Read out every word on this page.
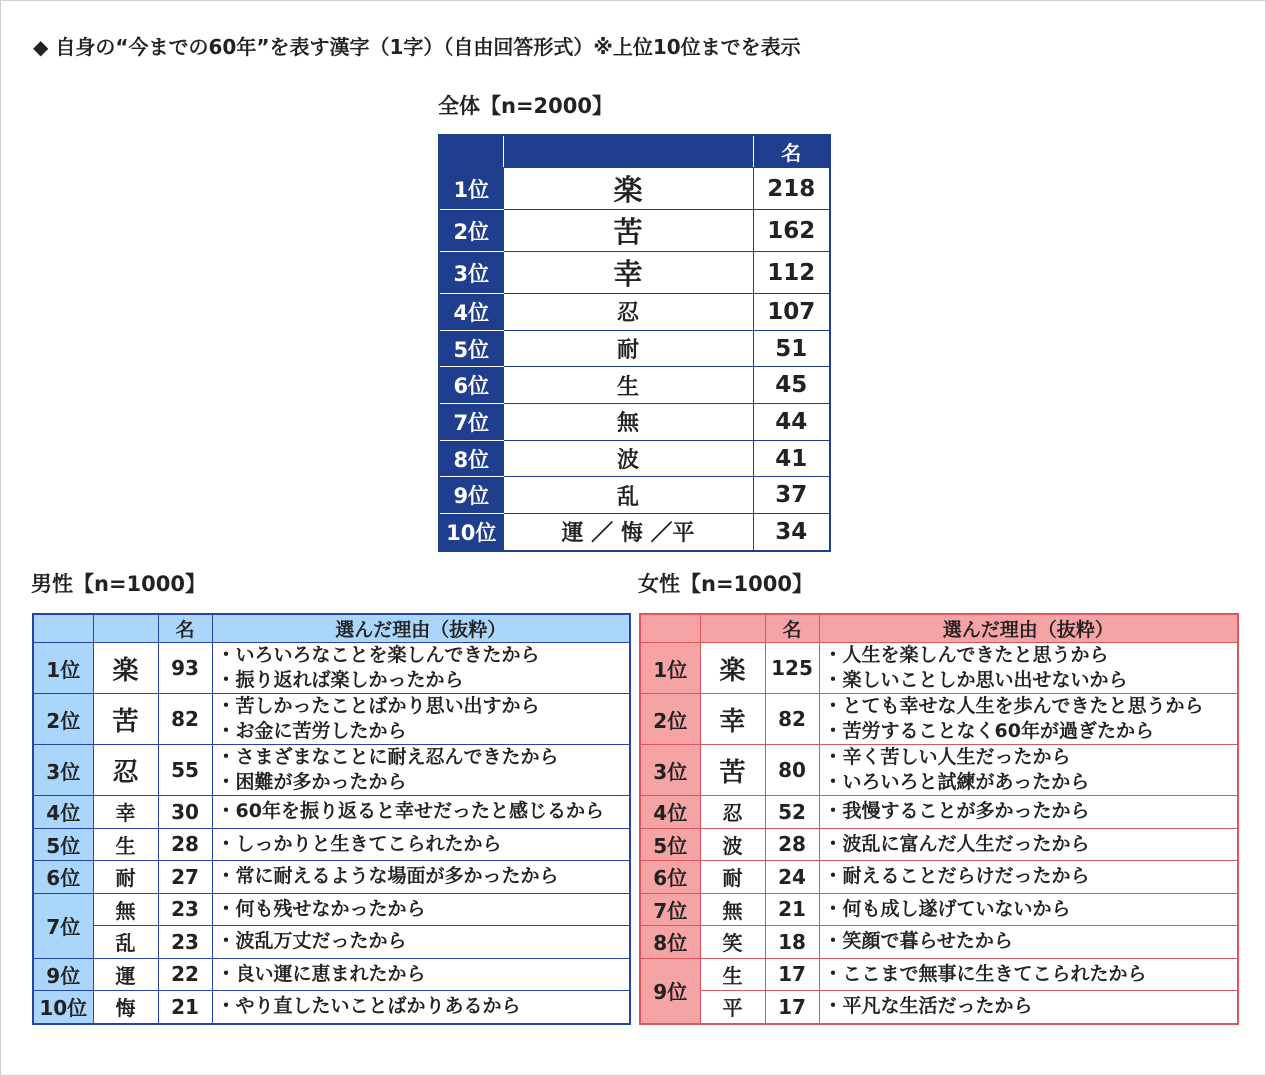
◆ 自身の“今までの60年”を表す漢字（1字）（自由回答形式）※上位10位までを表示
全体【n=2000】
		名
1位	楽	218
2位	苦	162
3位	幸	112
4位	忍	107
5位	耐	51
6位	生	45
7位	無	44
8位	波	41
9位	乱	37
10位	運 ／ 悔 ／平	34
男性【n=1000】
		名	選んだ理由（抜粋）
1位	楽	93	・いろいろなことを楽しんできたから
・振り返れば楽しかったから

2位	苦	82	・苦しかったことばかり思い出すから
・お金に苦労したから

3位	忍	55	・さまざまなことに耐え忍んできたから
・困難が多かったから

4位	幸	30	・60年を振り返ると幸せだったと感じるから
5位	生	28	・しっかりと生きてこられたから
6位	耐	27	・常に耐えるような場面が多かったから
7位	無	23	・何も残せなかったから
	乱	23	・波乱万丈だったから
9位	運	22	・良い運に恵まれたから
10位	悔	21	・やり直したいことばかりあるから
女性【n=1000】
		名	選んだ理由（抜粋）
1位	楽	125	・人生を楽しんできたと思うから
・楽しいことしか思い出せないから

2位	幸	82	・とても幸せな人生を歩んできたと思うから
・苦労することなく60年が過ぎたから

3位	苦	80	・辛く苦しい人生だったから
・いろいろと試練があったから

4位	忍	52	・我慢することが多かったから
5位	波	28	・波乱に富んだ人生だったから
6位	耐	24	・耐えることだらけだったから
7位	無	21	・何も成し遂げていないから
8位	笑	18	・笑顔で暮らせたから
9位	生	17	・ここまで無事に生きてこられたから
	平	17	・平凡な生活だったから
